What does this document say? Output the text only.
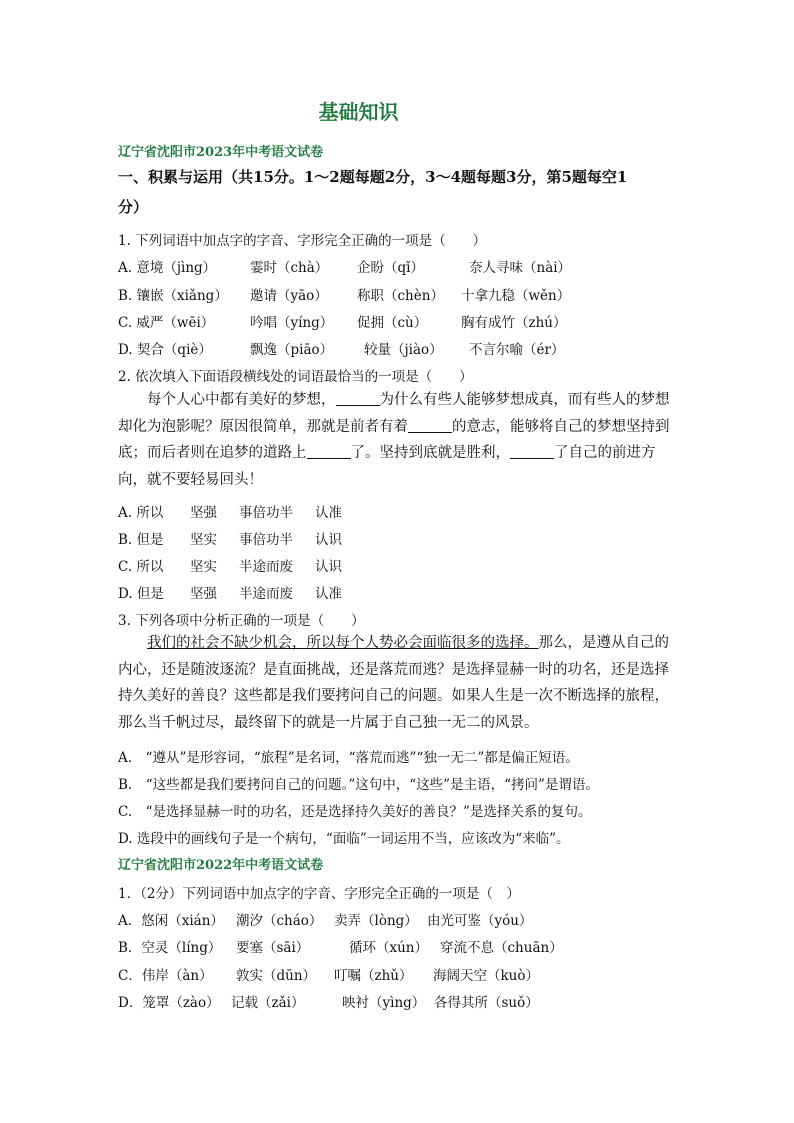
基础知识
辽宁省沈阳市2023年中考语文试卷
一、积累与运用（共15分。1～2题每题2分，3～4题每题3分，第5题每空1
分）
1. 下列词语中加点字的字音、字形完全正确的一项是（　　）
A. 意境（jìng）	霎时（chà） 企盼（qǐ）	奈人寻味（nài）
B. 镶嵌（xiǎng） 邀请（yāo） 称职（chèn） 十拿九稳（wěn）
C. 威严（wēi）	吟唱（yíng） 促拥（cù） 胸有成竹（zhú）
D. 契合（qiè）	飘逸（piāo） 较量（jiào） 不言尔喻（ér）
2. 依次填入下面语段横线处的词语最恰当的一项是（　　）
每个人心中都有美好的梦想，	为什么有些人能够梦想成真，而有些人的梦想却化为泡影呢？原因很简单，那就是前者有着	的意志，能够将自己的梦想坚持到底；而后者则在追梦的道路上	了。坚持到底就是胜利，	了自己的前进方向，就不要轻易回头！
A. 所以 坚强 事倍功半 认准
B. 但是 坚实 事倍功半 认识
C. 所以 坚实 半途而废 认识
D. 但是 坚强 半途而废 认准
3. 下列各项中分析正确的一项是（　　）
我们的社会不缺少机会，所以每个人势必会面临很多的选择。那么，是遵从自己的内心，还是随波逐流？是直面挑战，还是落荒而逃？是选择显赫一时的功名，还是选择持久美好的善良？这些都是我们要拷问自己的问题。如果人生是一次不断选择的旅程，那么当千帆过尽，最终留下的就是一片属于自己独一无二的风景。
A.　“遵从”是形容词，“旅程”是名词，“落荒而逃”“独一无二”都是偏正短语。
B.　“这些都是我们要拷问自己的问题。”这句中，“这些”是主语，“拷问”是谓语。
C.　“是选择显赫一时的功名，还是选择持久美好的善良？”是选择关系的复句。
D. 选段中的画线句子是一个病句，“面临”一词运用不当，应该改为“来临”。
辽宁省沈阳市2022年中考语文试卷
1．（2分）下列词语中加点字的字音、字形完全正确的一项是（　）
A．悠闲（xián） 潮汐（cháo） 卖弄（lòng） 由光可鉴（yóu）
B．空灵（líng） 要塞（sāi）	循环（xún） 穿流不息（chuān）
C．伟岸（àn） 敦实（dūn） 叮嘱（zhǔ） 海阔天空（kuò）
D．笼罩（zào） 记载（zǎi）	映衬（yìng） 各得其所（suǒ）
